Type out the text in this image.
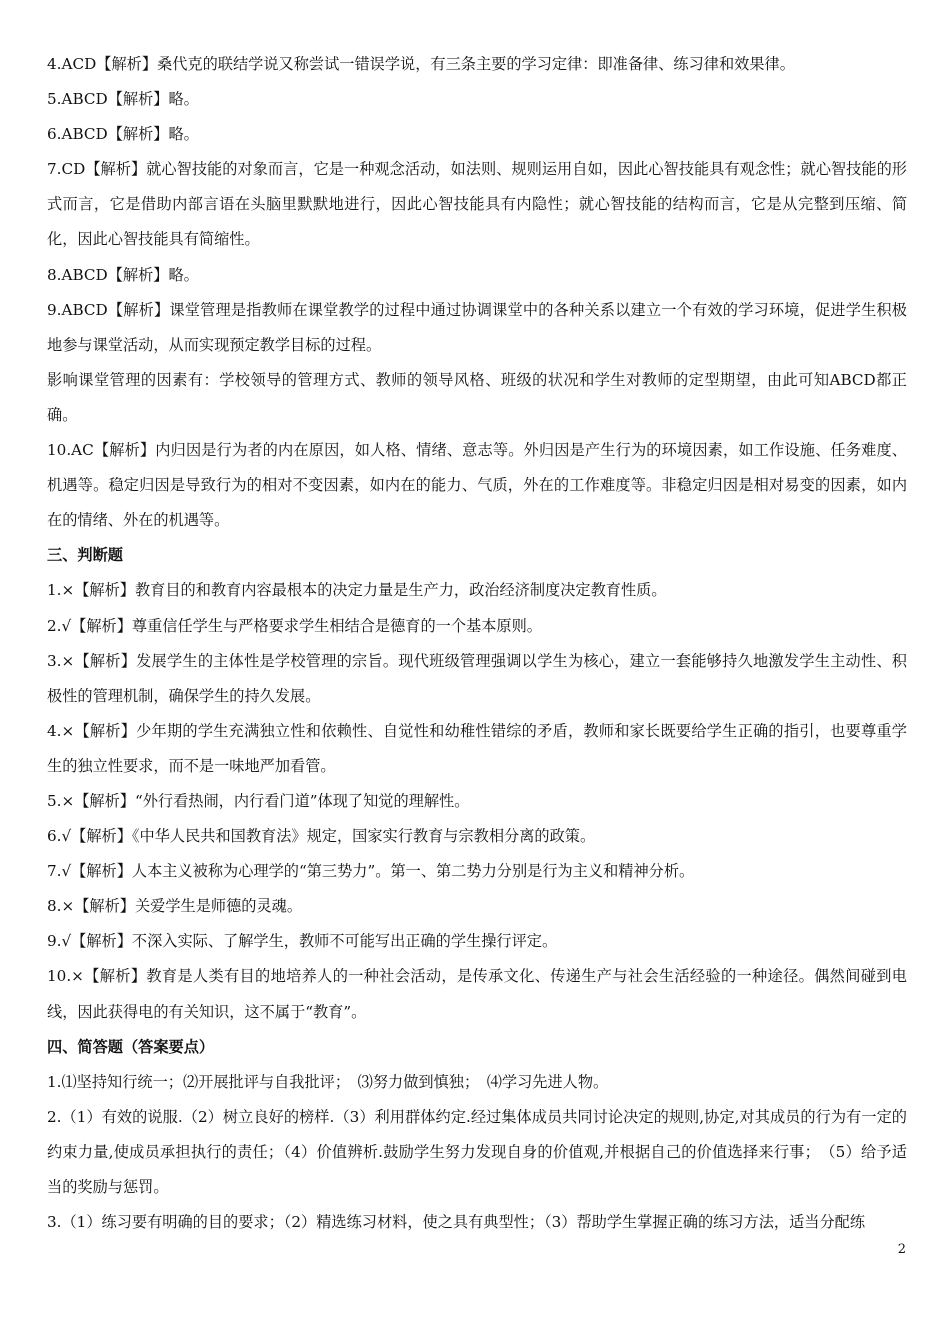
4.ACD【解析】桑代克的联结学说又称尝试一错误学说，有三条主要的学习定律：即准备律、练习律和效果律。

5.ABCD【解析】略。

6.ABCD【解析】略。

7.CD【解析】就心智技能的对象而言，它是一种观念活动，如法则、规则运用自如，因此心智技能具有观念性；就心智技能的形式而言，它是借助内部言语在头脑里默默地进行，因此心智技能具有内隐性；就心智技能的结构而言，它是从完整到压缩、简化，因此心智技能具有简缩性。

8.ABCD【解析】略。

9.ABCD【解析】课堂管理是指教师在课堂教学的过程中通过协调课堂中的各种关系以建立一个有效的学习环境，促进学生积极地参与课堂活动，从而实现预定教学目标的过程。

影响课堂管理的因素有：学校领导的管理方式、教师的领导风格、班级的状况和学生对教师的定型期望，由此可知ABCD都正确。

10.AC【解析】内归因是行为者的内在原因，如人格、情绪、意志等。外归因是产生行为的环境因素，如工作设施、任务难度、机遇等。稳定归因是导致行为的相对不变因素，如内在的能力、气质，外在的工作难度等。非稳定归因是相对易变的因素，如内在的情绪、外在的机遇等。

三、判断题

1.×【解析】教育目的和教育内容最根本的决定力量是生产力，政治经济制度决定教育性质。

2.√【解析】尊重信任学生与严格要求学生相结合是德育的一个基本原则。

3.×【解析】发展学生的主体性是学校管理的宗旨。现代班级管理强调以学生为核心，建立一套能够持久地激发学生主动性、积极性的管理机制，确保学生的持久发展。

4.×【解析】少年期的学生充满独立性和依赖性、自觉性和幼稚性错综的矛盾，教师和家长既要给学生正确的指引，也要尊重学生的独立性要求，而不是一味地严加看管。

5.×【解析】“外行看热闹，内行看门道”体现了知觉的理解性。

6.√【解析】《中华人民共和国教育法》规定，国家实行教育与宗教相分离的政策。

7.√【解析】人本主义被称为心理学的“第三势力”。第一、第二势力分别是行为主义和精神分析。

8.×【解析】关爱学生是师德的灵魂。

9.√【解析】不深入实际、了解学生，教师不可能写出正确的学生操行评定。

10.×【解析】教育是人类有目的地培养人的一种社会活动，是传承文化、传递生产与社会生活经验的一种途径。偶然间碰到电线，因此获得电的有关知识，这不属于“教育”。

四、简答题（答案要点）

1.⑴坚持知行统一；⑵开展批评与自我批评；　⑶努力做到慎独；　⑷学习先进人物。

2.（1）有效的说服.（2）树立良好的榜样.（3）利用群体约定.经过集体成员共同讨论决定的规则,协定,对其成员的行为有一定的约束力量,使成员承担执行的责任；（4）价值辨析.鼓励学生努力发现自身的价值观,并根据自己的价值选择来行事；　（5）给予适当的奖励与惩罚。

3.（1）练习要有明确的目的要求；（2）精选练习材料，使之具有典型性；（3）帮助学生掌握正确的练习方法，适当分配练

2
